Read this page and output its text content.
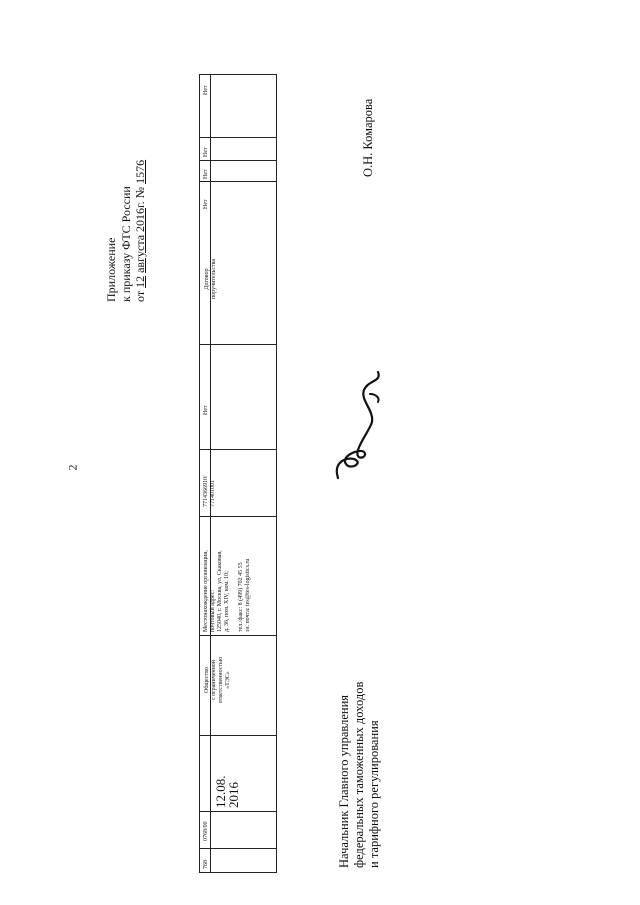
2
Приложение к приказу ФТС России от 12 августа 2016г. № 1576
Нет
Нет
Нет
Нет
Договор
поручительства
Нет
7714366910/
771401001
Местонахождение организации,
почтовый адрес:
125040, г. Москва, ул. Скаковая,
д. 36, пом. XIV, ком. 10;

тел./факс: 8 (499) 702 45 55
эл. почта: tes@tes-logistics.ru
Общество
с ограниченной
ответственностью
«ТЭС»
12.08.
2016
0768/00
768	Начальник Главного управления
федеральных таможенных доходов
и тарифного регулирования
О.Н. Комарова
